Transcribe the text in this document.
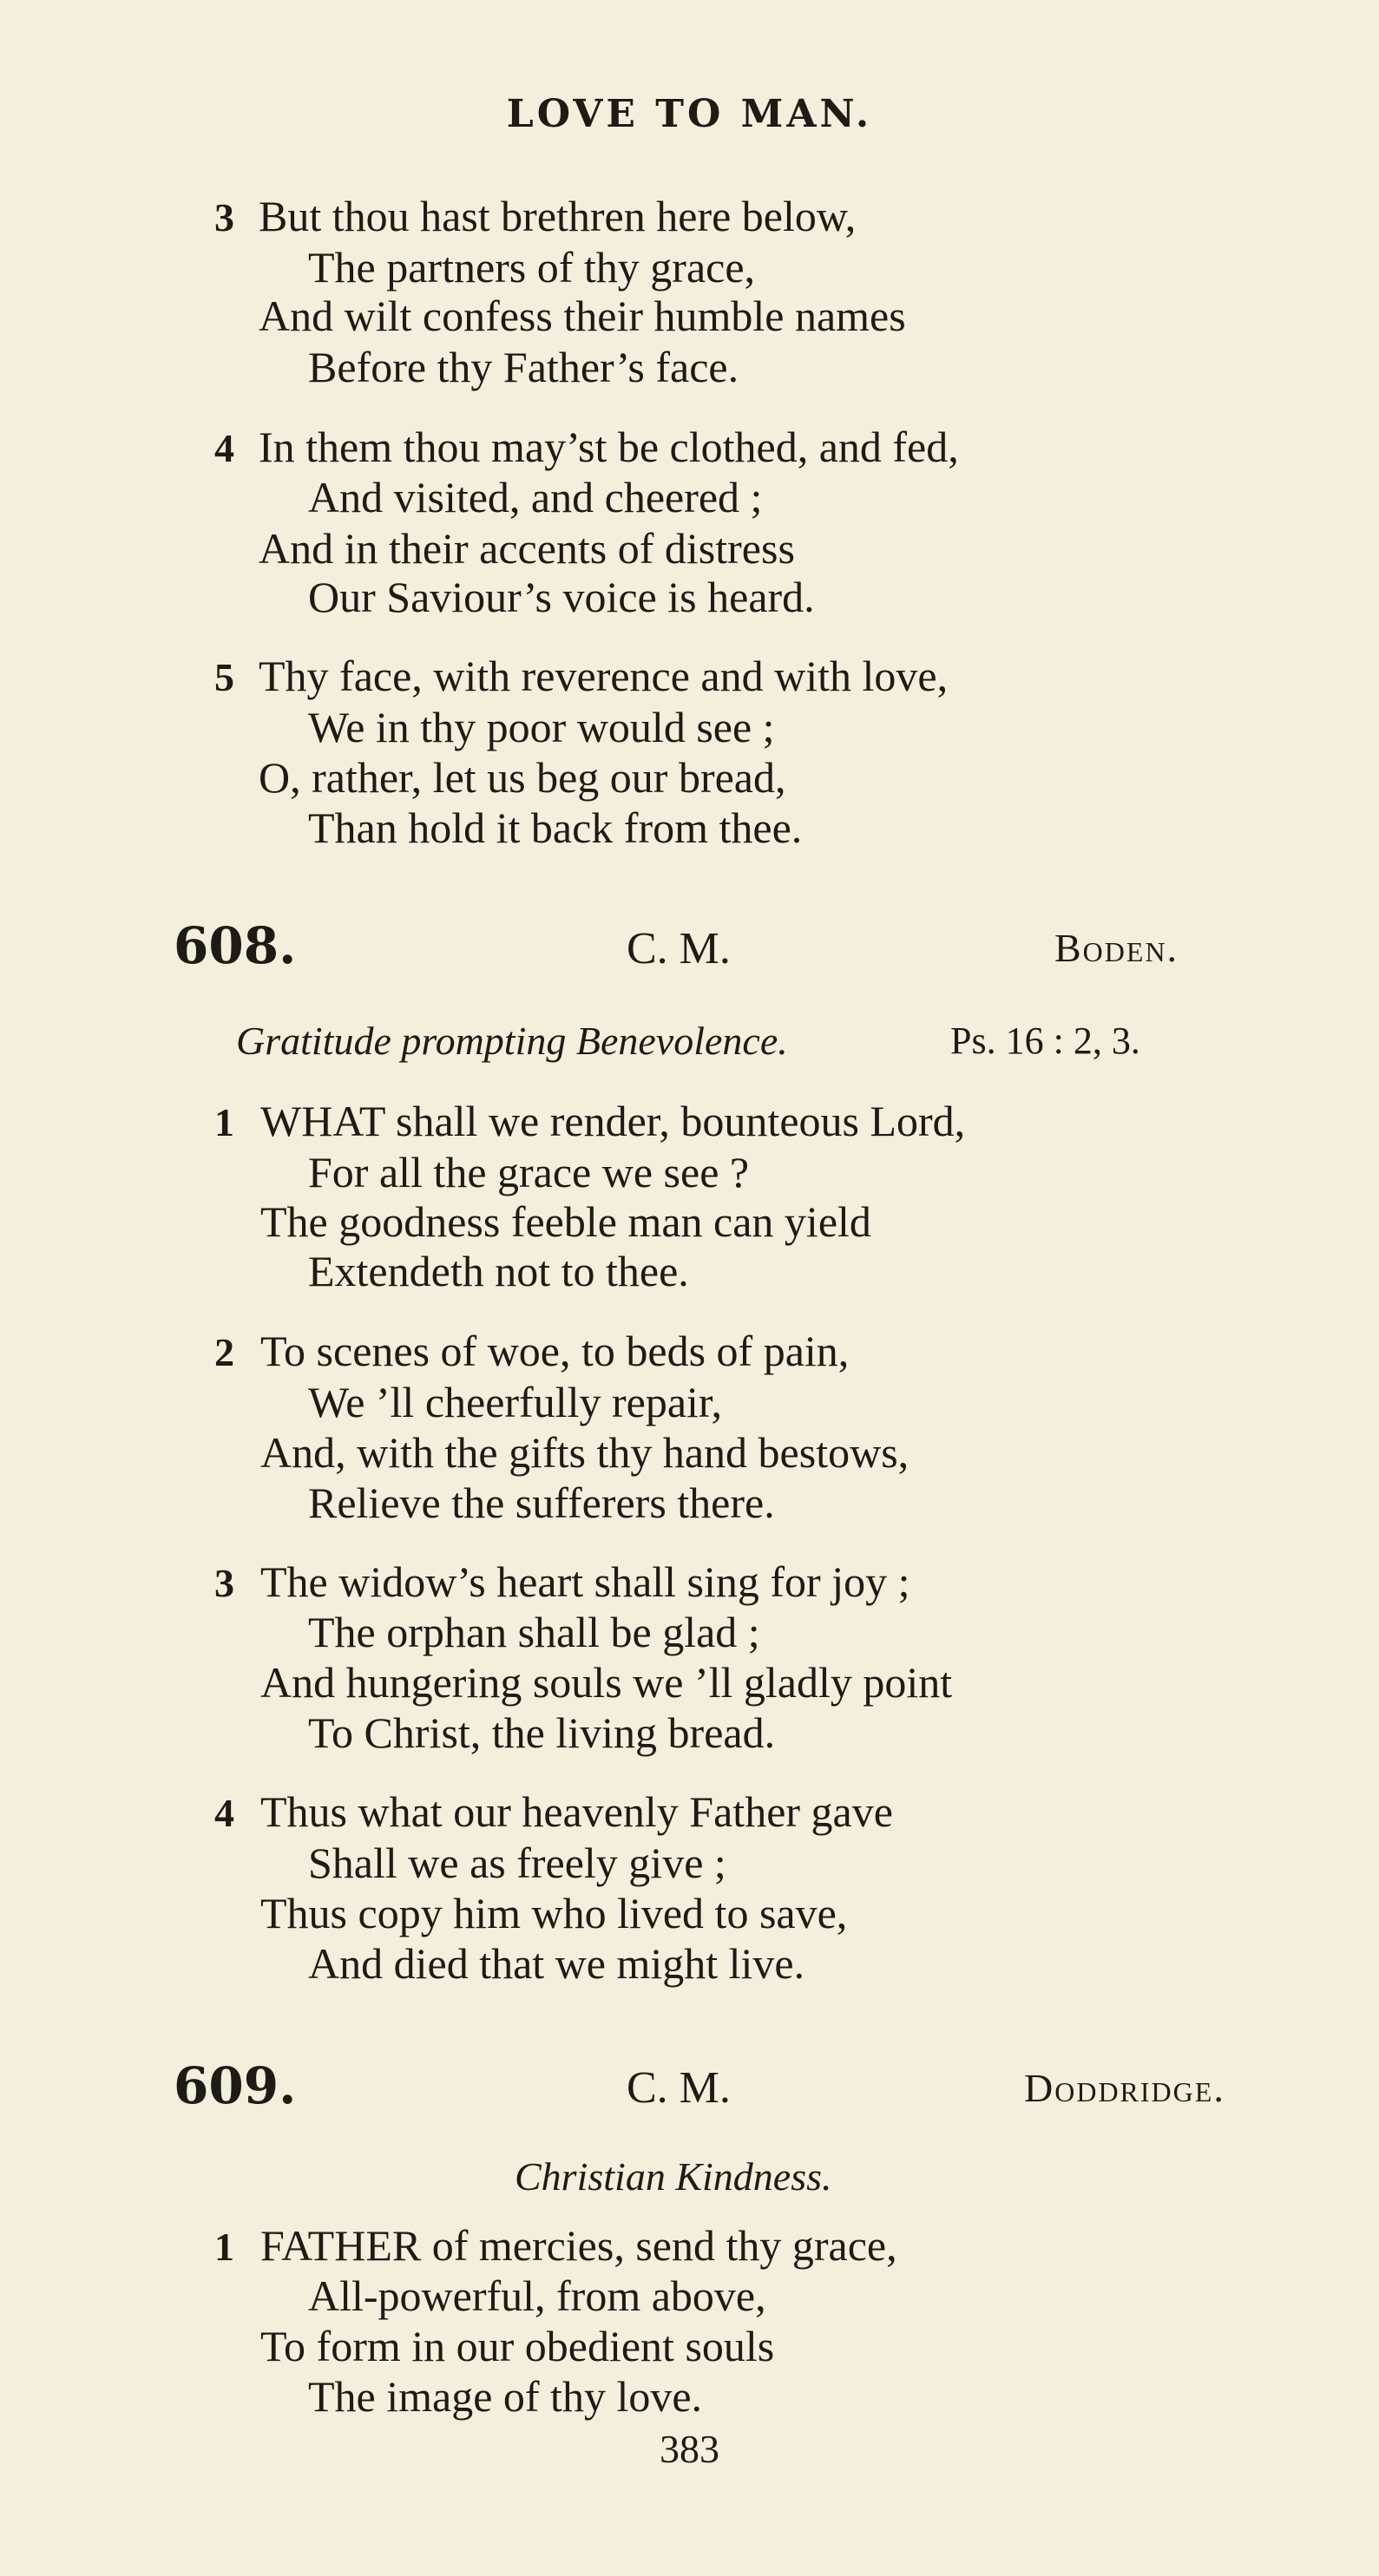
LOVE TO MAN.
3 But thou hast brethren here below,
The partners of thy grace,
And wilt confess their humble names
Before thy Father’s face.
4 In them thou may’st be clothed, and fed,
And visited, and cheered ;
And in their accents of distress
Our Saviour’s voice is heard.
5 Thy face, with reverence and with love,
We in thy poor would see ;
O, rather, let us beg our bread,
Than hold it back from thee.
608.	C. M.	Boden.
Gratitude prompting Benevolence.	Ps. 16 : 2, 3.
1 WHAT shall we render, bounteous Lord,
For all the grace we see ?
The goodness feeble man can yield
Extendeth not to thee.
2 To scenes of woe, to beds of pain,
We ’ll cheerfully repair,
And, with the gifts thy hand bestows,
Relieve the sufferers there.
3 The widow’s heart shall sing for joy ;
The orphan shall be glad ;
And hungering souls we ’ll gladly point
To Christ, the living bread.
4 Thus what our heavenly Father gave
Shall we as freely give ;
Thus copy him who lived to save,
And died that we might live.
609.	C. M.	Doddridge.
Christian Kindness.
1 FATHER of mercies, send thy grace,
All-powerful, from above,
To form in our obedient souls
The image of thy love.
383
